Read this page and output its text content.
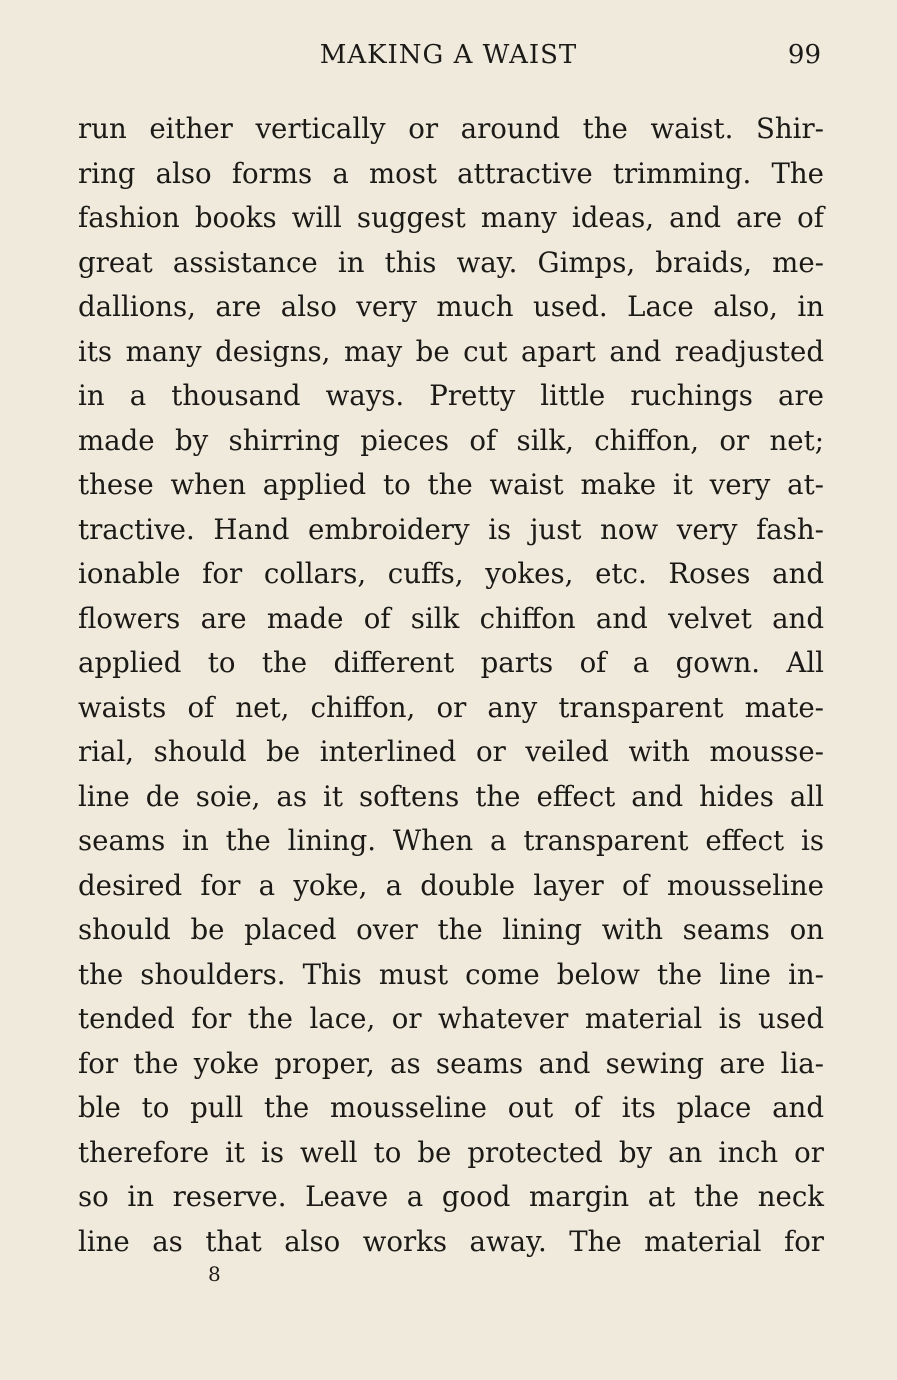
MAKING A WAIST	99
run either vertically or around the waist. Shir-
ring also forms a most attractive trimming. The
fashion books will suggest many ideas, and are of
great assistance in this way. Gimps, braids, me-
dallions, are also very much used. Lace also, in
its many designs, may be cut apart and readjusted
in a thousand ways. Pretty little ruchings are
made by shirring pieces of silk, chiffon, or net;
these when applied to the waist make it very at-
tractive. Hand embroidery is just now very fash-
ionable for collars, cuffs, yokes, etc. Roses and
flowers are made of silk chiffon and velvet and
applied to the different parts of a gown. All
waists of net, chiffon, or any transparent mate-
rial, should be interlined or veiled with mousse-
line de soie, as it softens the effect and hides all
seams in the lining. When a transparent effect is
desired for a yoke, a double layer of mousseline
should be placed over the lining with seams on
the shoulders. This must come below the line in-
tended for the lace, or whatever material is used
for the yoke proper, as seams and sewing are lia-
ble to pull the mousseline out of its place and
therefore it is well to be protected by an inch or
so in reserve. Leave a good margin at the neck
line as that also works away. The material for
8
